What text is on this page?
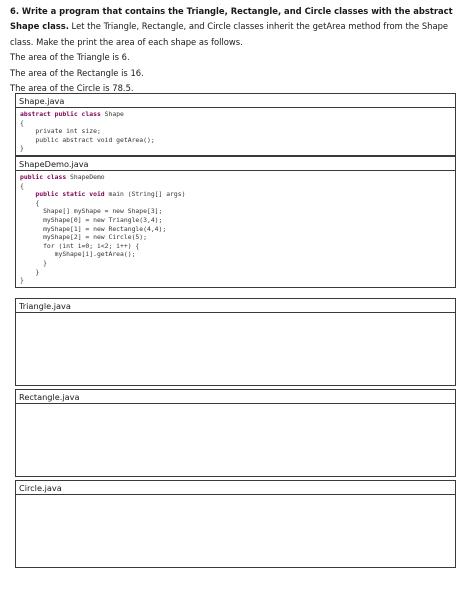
6. Write a program that contains the Triangle, Rectangle, and Circle classes with the abstract Shape class. Let the Triangle, Rectangle, and Circle classes inherit the getArea method from the Shape class. Make the print the area of each shape as follows.
The area of the Triangle is 6.
The area of the Rectangle is 16.
The area of the Circle is 78.5.
Shape.java
abstract public class Shape
{
private int size;
public abstract void getArea();
}
ShapeDemo.java
public class ShapeDemo
{
public static void main (String[] args)
{
Shape[] myShape = new Shape[3];
myShape[0] = new Triangle(3,4);
myShape[1] = new Rectangle(4,4);
myShape[2] = new Circle(5);
for (int i=0; i<2; i++) {
myShape[i].getArea();
}
}
}
Triangle.java
Rectangle.java
Circle.java
